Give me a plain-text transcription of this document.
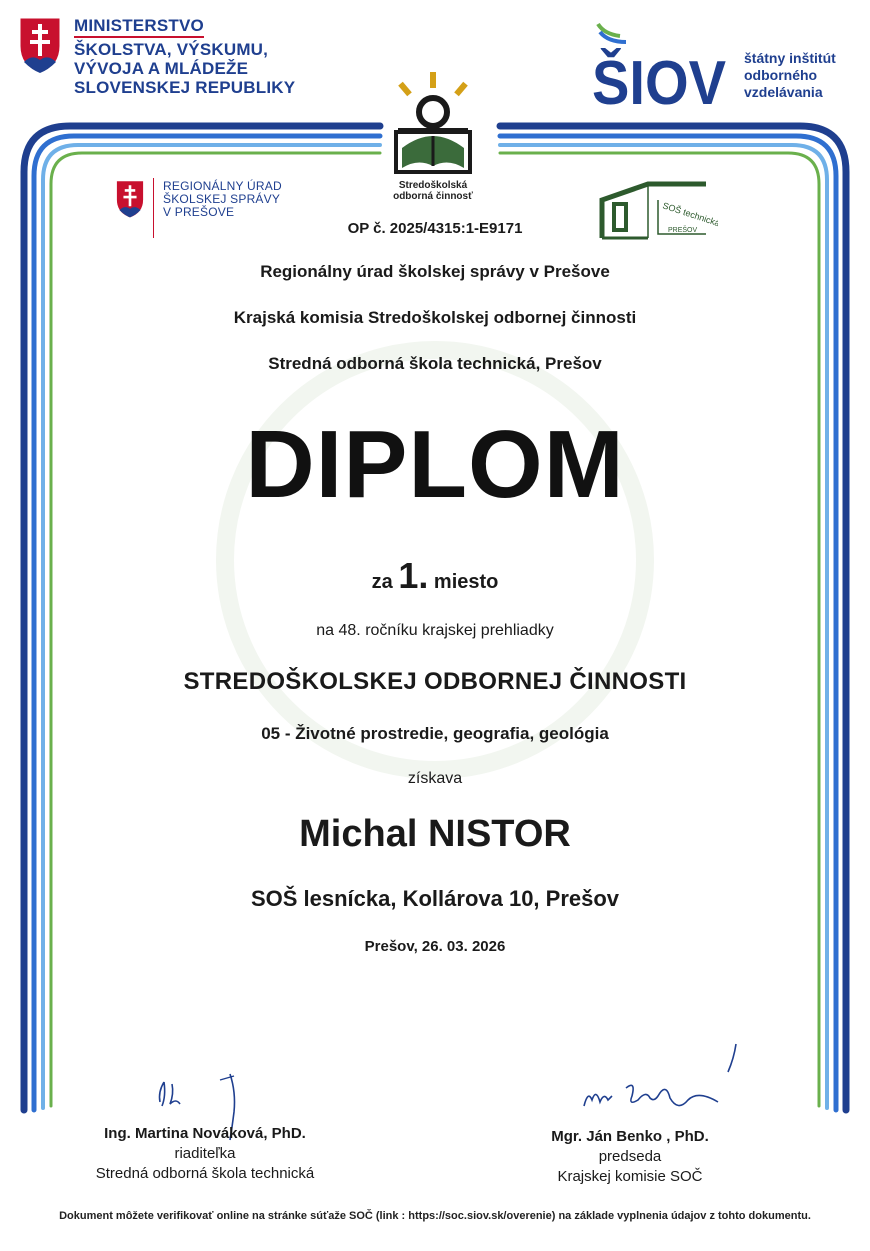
MINISTERSTVO
ŠKOLSTVA, VÝSKUMU,
VÝVOJA A MLÁDEŽE
SLOVENSKEJ REPUBLIKY	ŠIOV štátny inštitút
odborného
vzdelávania
Stredoškolská
odborná činnosť
REGIONÁLNY ÚRAD
ŠKOLSKEJ SPRÁVY
V PREŠOVE	SOŠ technická
PREŠOV
OP č. 2025/4315:1-E9171
Regionálny úrad školskej správy v Prešove
Krajská komisia Stredoškolskej odbornej činnosti
Stredná odborná škola technická, Prešov
DIPLOM
za 1. miesto
na 48. ročníku krajskej prehliadky
STREDOŠKOLSKEJ ODBORNEJ ČINNOSTI
05 - Životné prostredie, geografia, geológia
získava
Michal NISTOR
SOŠ lesnícka, Kollárova 10, Prešov
Prešov, 26. 03. 2026
Ing. Martina Nováková, PhD.
riaditeľka
Stredná odborná škola technická
Mgr. Ján Benko , PhD.
predseda
Krajskej komisie SOČ
Dokument môžete verifikovať online na stránke súťaže SOČ (link : https://soc.siov.sk/overenie) na základe vyplnenia údajov z tohto dokumentu.
